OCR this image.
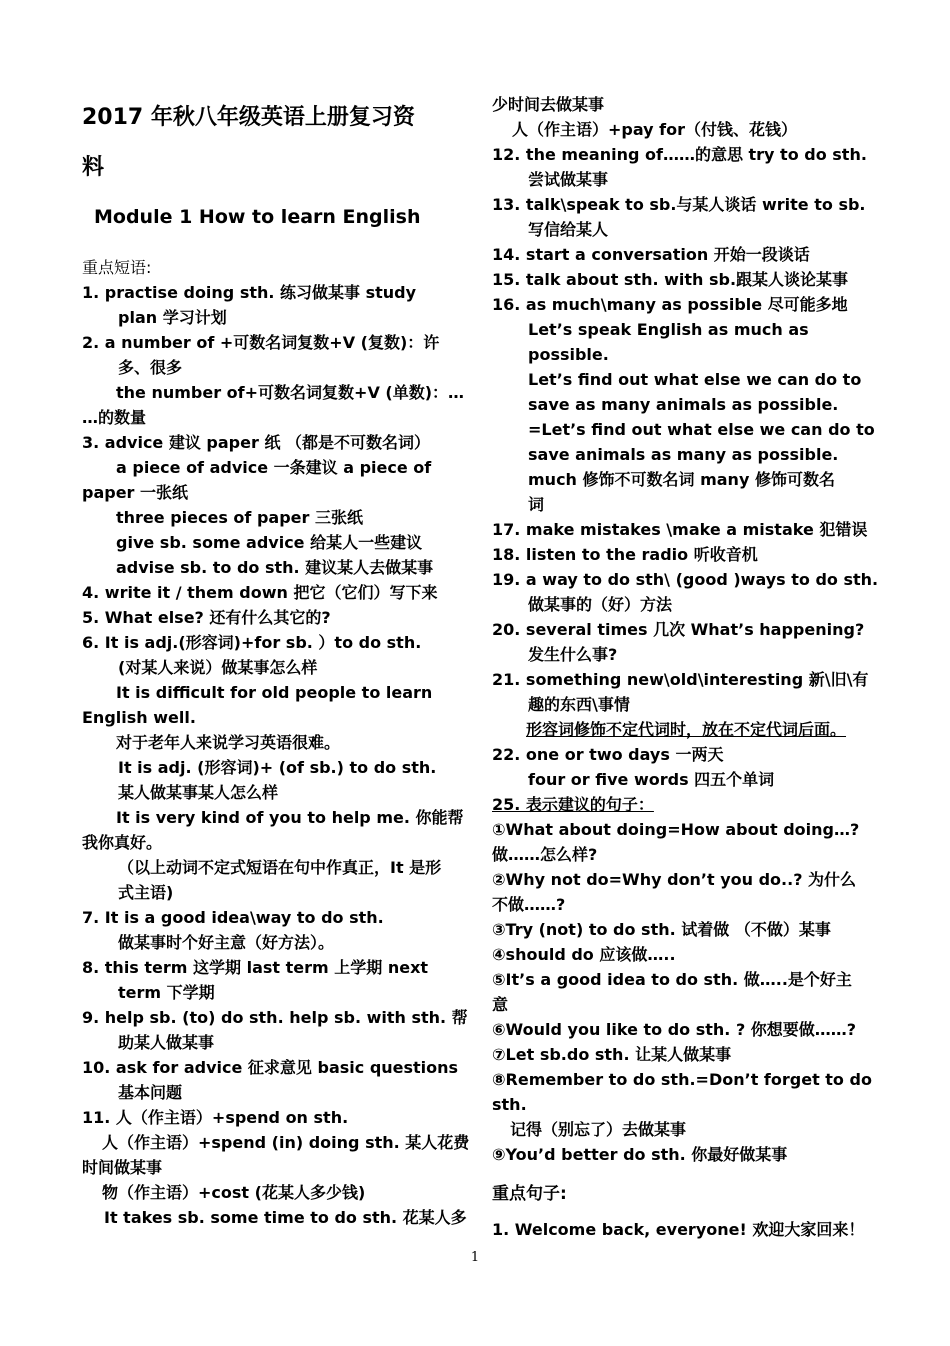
2017 年秋八年级英语上册复习资
料
Module 1 How to learn English
重点短语:
1. practise doing sth. 练习做某事 study
plan 学习计划
2. a number of +可数名词复数+V (复数)：许
多、很多
the number of+可数名词复数+V (单数)：…
…的数量
3. advice 建议 paper 纸 （都是不可数名词）
a piece of advice 一条建议 a piece of
paper 一张纸
three pieces of paper 三张纸
give sb. some advice 给某人一些建议
advise sb. to do sth. 建议某人去做某事
4. write it / them down 把它（它们）写下来
5. What else? 还有什么其它的?
6. It is adj.(形容词)+for sb. ）to do sth.
(对某人来说）做某事怎么样
It is difficult for old people to learn
English well.
对于老年人来说学习英语很难。
It is adj. (形容词)+ (of sb.) to do sth.
某人做某事某人怎么样
It is very kind of you to help me. 你能帮
我你真好。
（以上动词不定式短语在句中作真正，It 是形
式主语)
7. It is a good idea\way to do sth.
做某事时个好主意（好方法）。
8. this term 这学期 last term 上学期 next
term 下学期
9. help sb. (to) do sth. help sb. with sth. 帮
助某人做某事
10. ask for advice 征求意见 basic questions
基本问题
11. 人（作主语）+spend on sth.
人（作主语）+spend (in) doing sth. 某人花费
时间做某事
物（作主语）+cost (花某人多少钱)
It takes sb. some time to do sth. 花某人多
少时间去做某事
人（作主语）+pay for（付钱、花钱）
12. the meaning of……的意思 try to do sth.
尝试做某事
13. talk\speak to sb.与某人谈话 write to sb.
写信给某人
14. start a conversation 开始一段谈话
15. talk about sth. with sb.跟某人谈论某事
16. as much\many as possible 尽可能多地
Let’s speak English as much as
possible.
Let’s find out what else we can do to
save as many animals as possible.
=Let’s find out what else we can do to
save animals as many as possible.
much 修饰不可数名词 many 修饰可数名
词
17. make mistakes \make a mistake 犯错误
18. listen to the radio 听收音机
19. a way to do sth\ (good )ways to do sth.
做某事的（好）方法
20. several times 几次 What’s happening?
发生什么事?
21. something new\old\interesting 新\旧\有
趣的东西\事情
形容词修饰不定代词时，放在不定代词后面。
22. one or two days 一两天
four or five words 四五个单词
25. 表示建议的句子：
①What about doing=How about doing…?
做……怎么样?
②Why not do=Why don’t you do..? 为什么
不做……?
③Try (not) to do sth. 试着做 （不做）某事
④should do 应该做…..
⑤It’s a good idea to do sth. 做…..是个好主
意
⑥Would you like to do sth. ? 你想要做……?
⑦Let sb.do sth. 让某人做某事
⑧Remember to do sth.=Don’t forget to do
sth.
记得（别忘了）去做某事
⑨You’d better do sth. 你最好做某事
重点句子:
1. Welcome back, everyone! 欢迎大家回来！
1
